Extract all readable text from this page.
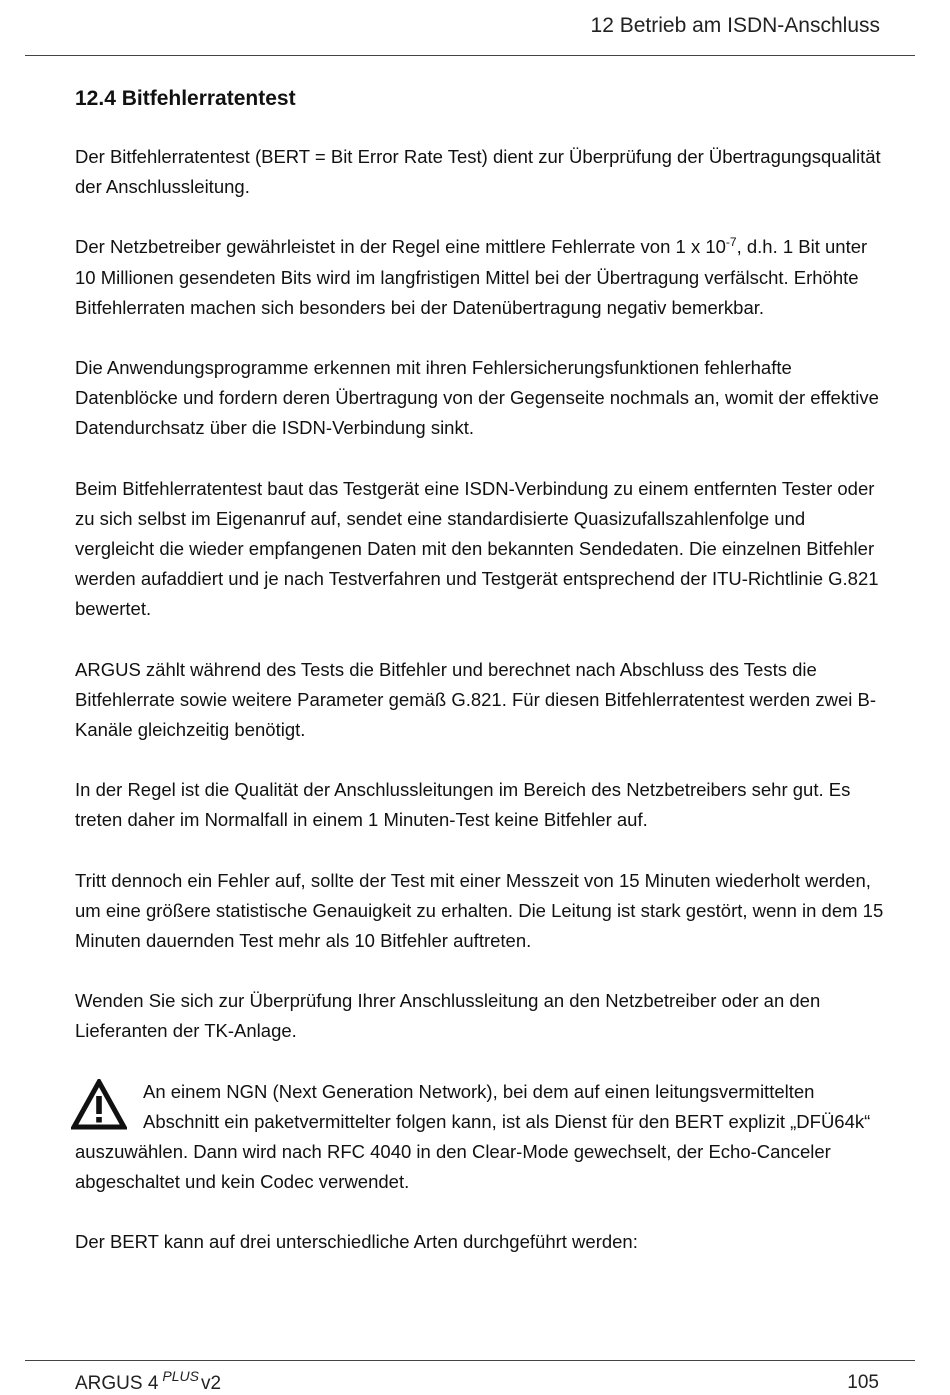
12 Betrieb am ISDN-Anschluss
12.4 Bitfehlerratentest

Der Bitfehlerratentest (BERT = Bit Error Rate Test) dient zur Überprüfung der Übertragungsqualität der Anschlussleitung.

Der Netzbetreiber gewährleistet in der Regel eine mittlere Fehlerrate von 1 x $10^{-7}$, d.h. 1 Bit unter 10 Millionen gesendeten Bits wird im langfristigen Mittel bei der Übertragung verfälscht. Erhöhte Bitfehlerraten machen sich besonders bei der Datenübertragung negativ bemerkbar.

Die Anwendungsprogramme erkennen mit ihren Fehlersicherungsfunktionen fehlerhafte Datenblöcke und fordern deren Übertragung von der Gegenseite nochmals an, womit der effektive Datendurchsatz über die ISDN-Verbindung sinkt.

Beim Bitfehlerratentest baut das Testgerät eine ISDN-Verbindung zu einem entfernten Tester oder zu sich selbst im Eigenanruf auf, sendet eine standardisierte Quasizufallszahlenfolge und vergleicht die wieder empfangenen Daten mit den bekannten Sendedaten. Die einzelnen Bitfehler werden aufaddiert und je nach Testverfahren und Testgerät entsprechend der ITU-Richtlinie G.821 bewertet.

ARGUS zählt während des Tests die Bitfehler und berechnet nach Abschluss des Tests die Bitfehlerrate sowie weitere Parameter gemäß G.821. Für diesen Bitfehlerratentest werden zwei B-Kanäle gleichzeitig benötigt.

In der Regel ist die Qualität der Anschlussleitungen im Bereich des Netzbetreibers sehr gut. Es treten daher im Normalfall in einem 1 Minuten-Test keine Bitfehler auf.

Tritt dennoch ein Fehler auf, sollte der Test mit einer Messzeit von 15 Minuten wiederholt werden, um eine größere statistische Genauigkeit zu erhalten. Die Leitung ist stark gestört, wenn in dem 15 Minuten dauernden Test mehr als 10 Bitfehler auftreten.

Wenden Sie sich zur Überprüfung Ihrer Anschlussleitung an den Netzbetreiber oder an den Lieferanten der TK-Anlage.

An einem NGN (Next Generation Network), bei dem auf einen leitungsvermittelten Abschnitt ein paketvermittelter folgen kann, ist als Dienst für den BERT explizit „DFÜ64k“ auszuwählen. Dann wird nach RFC 4040 in den Clear-Mode gewechselt, der Echo-Canceler abgeschaltet und kein Codec verwendet.

Der BERT kann auf drei unterschiedliche Arten durchgeführt werden:

ARGUS 4 $^{PLUS}$ v2	105
